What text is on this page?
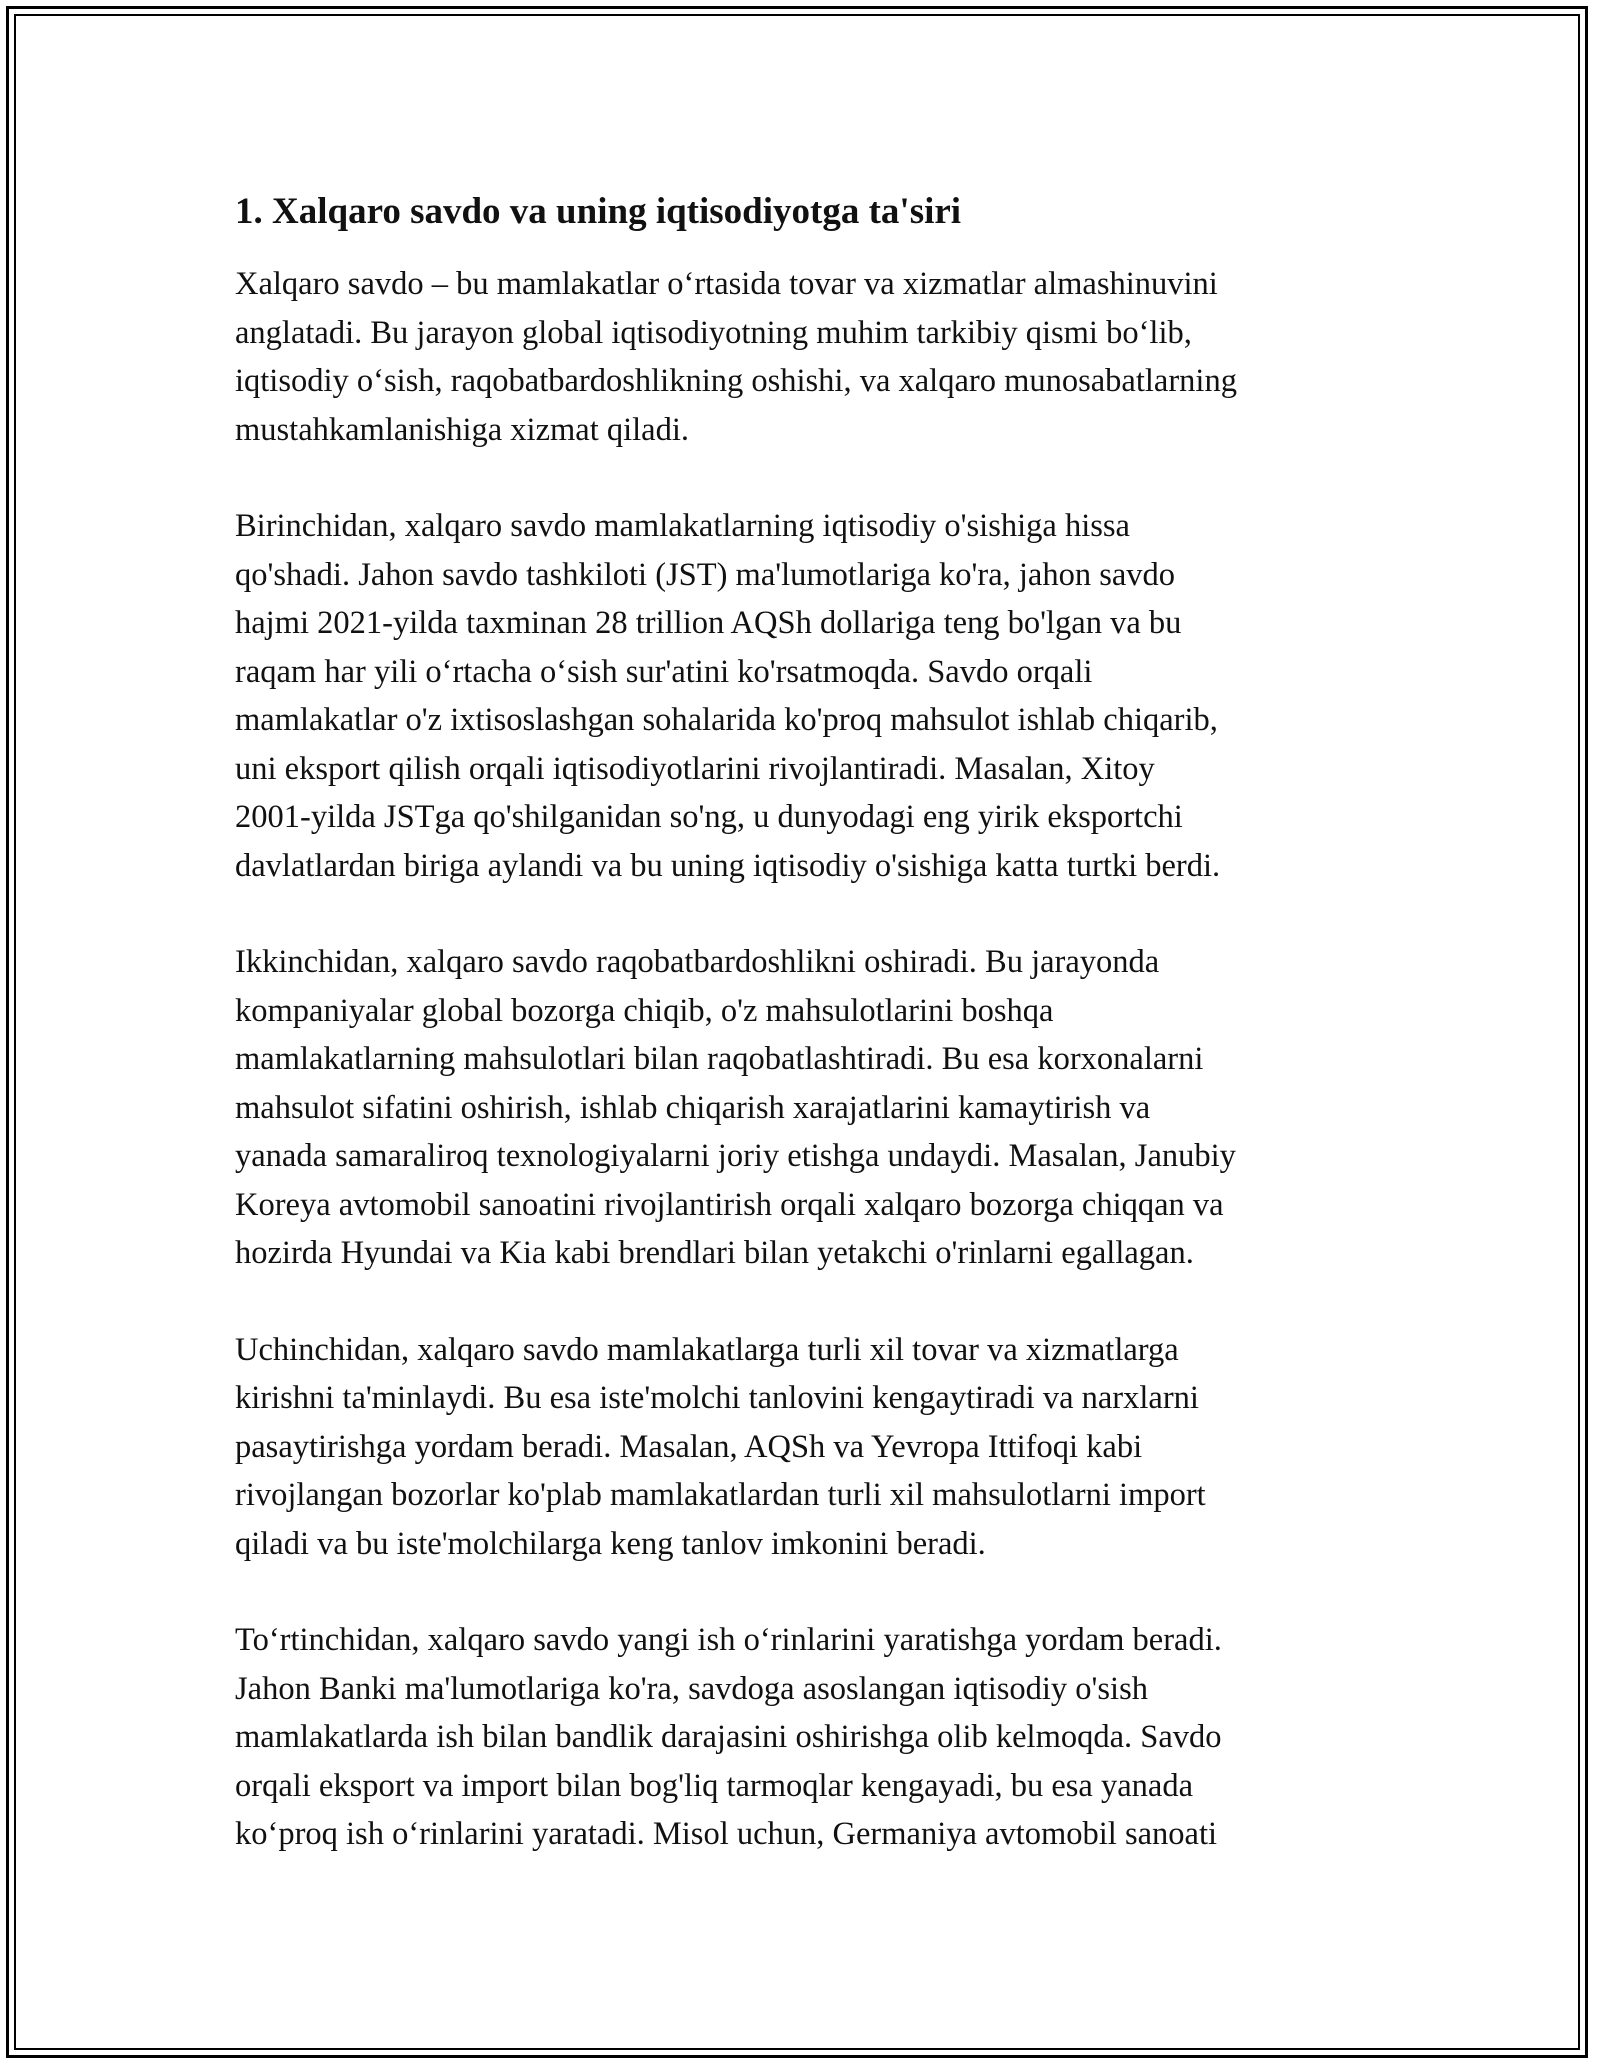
1. Xalqaro savdo va uning iqtisodiyotga ta'siri

Xalqaro savdo – bu mamlakatlar o‘rtasida tovar va xizmatlar almashinuvini
anglatadi. Bu jarayon global iqtisodiyotning muhim tarkibiy qismi bo‘lib,
iqtisodiy o‘sish, raqobatbardoshlikning oshishi, va xalqaro munosabatlarning
mustahkamlanishiga xizmat qiladi.

Birinchidan, xalqaro savdo mamlakatlarning iqtisodiy o'sishiga hissa
qo'shadi. Jahon savdo tashkiloti (JST) ma'lumotlariga ko'ra, jahon savdo
hajmi 2021-yilda taxminan 28 trillion AQSh dollariga teng bo'lgan va bu
raqam har yili o‘rtacha o‘sish sur'atini ko'rsatmoqda. Savdo orqali
mamlakatlar o'z ixtisoslashgan sohalarida ko'proq mahsulot ishlab chiqarib,
uni eksport qilish orqali iqtisodiyotlarini rivojlantiradi. Masalan, Xitoy
2001-yilda JSTga qo'shilganidan so'ng, u dunyodagi eng yirik eksportchi
davlatlardan biriga aylandi va bu uning iqtisodiy o'sishiga katta turtki berdi.

Ikkinchidan, xalqaro savdo raqobatbardoshlikni oshiradi. Bu jarayonda
kompaniyalar global bozorga chiqib, o'z mahsulotlarini boshqa
mamlakatlarning mahsulotlari bilan raqobatlashtiradi. Bu esa korxonalarni
mahsulot sifatini oshirish, ishlab chiqarish xarajatlarini kamaytirish va
yanada samaraliroq texnologiyalarni joriy etishga undaydi. Masalan, Janubiy
Koreya avtomobil sanoatini rivojlantirish orqali xalqaro bozorga chiqqan va
hozirda Hyundai va Kia kabi brendlari bilan yetakchi o'rinlarni egallagan.

Uchinchidan, xalqaro savdo mamlakatlarga turli xil tovar va xizmatlarga
kirishni ta'minlaydi. Bu esa iste'molchi tanlovini kengaytiradi va narxlarni
pasaytirishga yordam beradi. Masalan, AQSh va Yevropa Ittifoqi kabi
rivojlangan bozorlar ko'plab mamlakatlardan turli xil mahsulotlarni import
qiladi va bu iste'molchilarga keng tanlov imkonini beradi.

To‘rtinchidan, xalqaro savdo yangi ish o‘rinlarini yaratishga yordam beradi.
Jahon Banki ma'lumotlariga ko'ra, savdoga asoslangan iqtisodiy o'sish
mamlakatlarda ish bilan bandlik darajasini oshirishga olib kelmoqda. Savdo
orqali eksport va import bilan bog'liq tarmoqlar kengayadi, bu esa yanada
ko‘proq ish o‘rinlarini yaratadi. Misol uchun, Germaniya avtomobil sanoati
